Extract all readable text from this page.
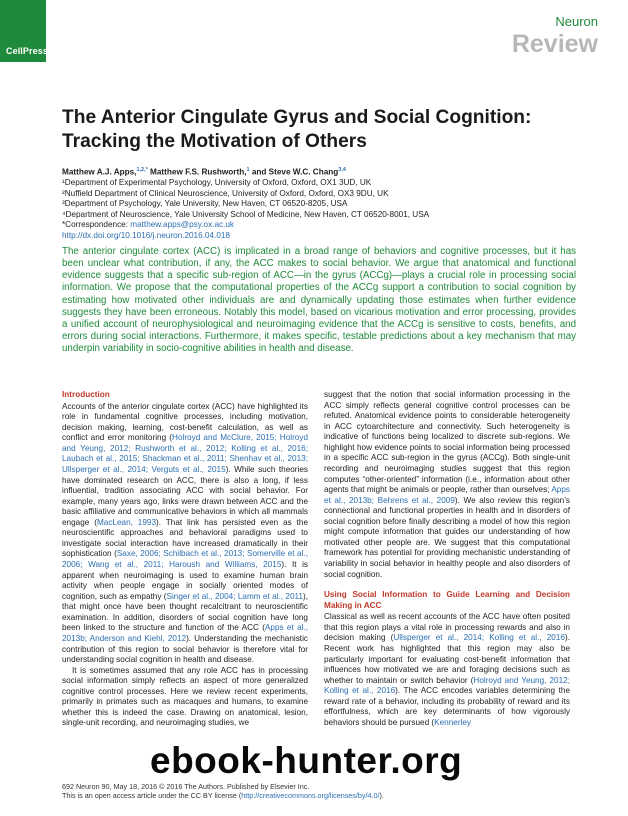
CellPress
Neuron
Review
The Anterior Cingulate Gyrus and Social Cognition: Tracking the Motivation of Others
Matthew A.J. Apps,$^{1,2,*}$ Matthew F.S. Rushworth,$^1$ and Steve W.C. Chang$^{3,4}$
¹Department of Experimental Psychology, University of Oxford, Oxford, OX1 3UD, UK
²Nuffield Department of Clinical Neuroscience, University of Oxford, Oxford, OX3 9DU, UK
³Department of Psychology, Yale University, New Haven, CT 06520-8205, USA
⁴Department of Neuroscience, Yale University School of Medicine, New Haven, CT 06520-8001, USA
*Correspondence: matthew.apps@psy.ox.ac.uk
http://dx.doi.org/10.1016/j.neuron.2016.04.018

The anterior cingulate cortex (ACC) is implicated in a broad range of behaviors and cognitive processes, but it has been unclear what contribution, if any, the ACC makes to social behavior. We argue that anatomical and functional evidence suggests that a specific sub-region of ACC—in the gyrus (ACCg)—plays a crucial role in processing social information. We propose that the computational properties of the ACCg support a contribution to social cognition by estimating how motivated other individuals are and dynamically updating those estimates when further evidence suggests they have been erroneous. Notably this model, based on vicarious motivation and error processing, provides a unified account of neurophysiological and neuroimaging evidence that the ACCg is sensitive to costs, benefits, and errors during social interactions. Furthermore, it makes specific, testable predictions about a key mechanism that may underpin variability in socio-cognitive abilities in health and disease.

Introduction

Accounts of the anterior cingulate cortex (ACC) have highlighted its role in fundamental cognitive processes, including motivation, decision making, learning, cost-benefit calculation, as well as conflict and error monitoring (Holroyd and McClure, 2015; Holroyd and Yeung, 2012; Rushworth et al., 2012; Kolling et al., 2016; Laubach et al., 2015; Shackman et al., 2011; Shenhav et al., 2013; Ullsperger et al., 2014; Verguts et al., 2015). While such theories have dominated research on ACC, there is also a long, if less influential, tradition associating ACC with social behavior. For example, many years ago, links were drawn between ACC and the basic affiliative and communicative behaviors in which all mammals engage (MacLean, 1993). That link has persisted even as the neuroscientific approaches and behavioral paradigms used to investigate social interaction have increased dramatically in their sophistication (Saxe, 2006; Schilbach et al., 2013; Somerville et al., 2006; Wang et al., 2011; Haroush and Williams, 2015). It is apparent when neuroimaging is used to examine human brain activity when people engage in socially oriented modes of cognition, such as empathy (Singer et al., 2004; Lamm et al., 2011), that might once have been thought recalcitrant to neuroscientific examination. In addition, disorders of social cognition have long been linked to the structure and function of the ACC (Apps et al., 2013b; Anderson and Kiehl, 2012). Understanding the mechanistic contribution of this region to social behavior is therefore vital for understanding social cognition in health and disease.

It is sometimes assumed that any role ACC has in processing social information simply reflects an aspect of more generalized cognitive control processes. Here we review recent experiments, primarily in primates such as macaques and humans, to examine whether this is indeed the case. Drawing on anatomical, lesion, single-unit recording, and neuroimaging studies, we

suggest that the notion that social information processing in the ACC simply reflects general cognitive control processes can be refuted. Anatomical evidence points to considerable heterogeneity in ACC cytoarchitecture and connectivity. Such heterogeneity is indicative of functions being localized to discrete sub-regions. We highlight how evidence points to social information being processed in a specific ACC sub-region in the gyrus (ACCg). Both single-unit recording and neuroimaging studies suggest that this region computes “other-oriented” information (i.e., information about other agents that might be animals or people, rather than ourselves; Apps et al., 2013b; Behrens et al., 2009). We also review this region’s connectional and functional properties in health and in disorders of social cognition before finally describing a model of how this region might compute information that guides our understanding of how motivated other people are. We suggest that this computational framework has potential for providing mechanistic understanding of variability in social behavior in healthy people and also disorders of social cognition.

Using Social Information to Guide Learning and Decision Making in ACC

Classical as well as recent accounts of the ACC have often posited that this region plays a vital role in processing rewards and also in decision making (Ullsperger et al., 2014; Kolling et al., 2016). Recent work has highlighted that this region may also be particularly important for evaluating cost-benefit information that influences how motivated we are and foraging decisions such as whether to maintain or switch behavior (Holroyd and Yeung, 2012; Kolling et al., 2016). The ACC encodes variables determining the reward rate of a behavior, including its probability of reward and its effortfulness, which are key determinants of how vigorously behaviors should be pursued (Kennerley

692 Neuron 90, May 18, 2016 © 2016 The Authors. Published by Elsevier Inc.
This is an open access article under the CC BY license (http://creativecommons.org/licenses/by/4.0/).
ebook-hunter.org
